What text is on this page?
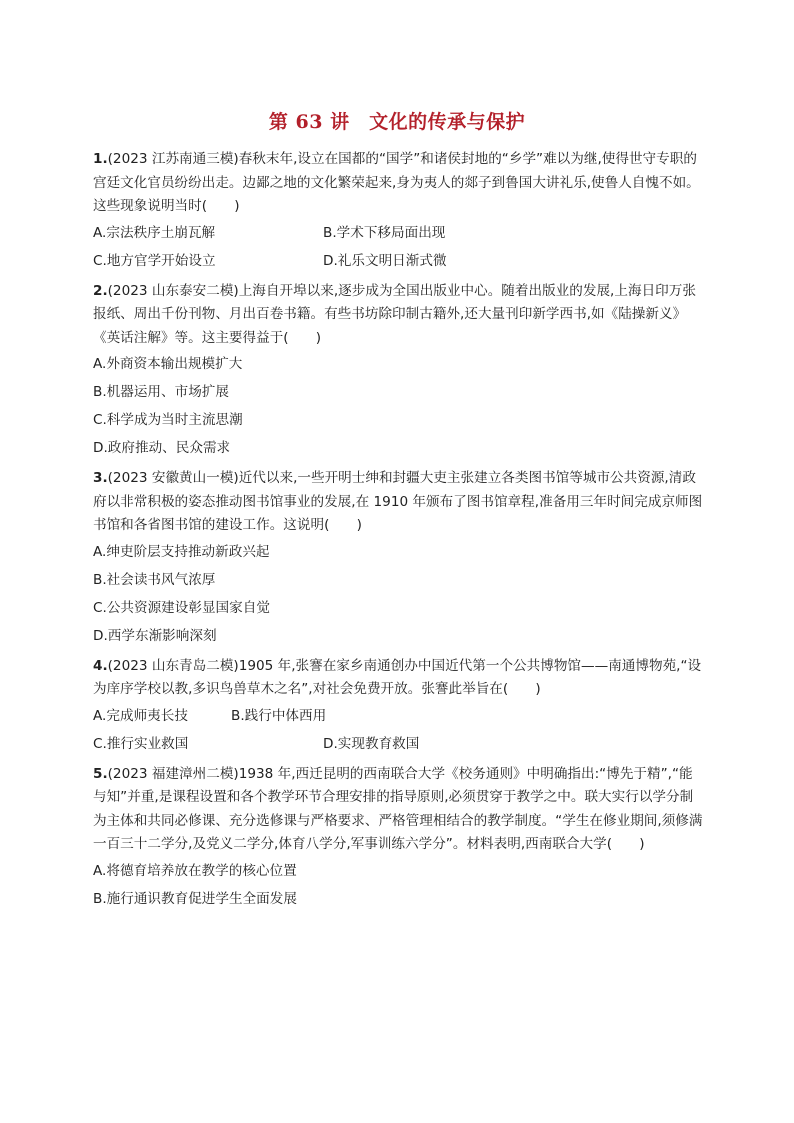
第 63 讲　文化的传承与保护

1.(2023 江苏南通三模)春秋末年,设立在国都的“国学”和诸侯封地的“乡学”难以为继,使得世守专职的宫廷文化官员纷纷出走。边鄙之地的文化繁荣起来,身为夷人的郯子到鲁国大讲礼乐,使鲁人自愧不如。这些现象说明当时(　　)

A.宗法秩序土崩瓦解	B.学术下移局面出现
C.地方官学开始设立	D.礼乐文明日渐式微

2.(2023 山东泰安二模)上海自开埠以来,逐步成为全国出版业中心。随着出版业的发展,上海日印万张报纸、周出千份刊物、月出百卷书籍。有些书坊除印制古籍外,还大量刊印新学西书,如《陆操新义》《英话注解》等。这主要得益于(　　)

A.外商资本输出规模扩大

B.机器运用、市场扩展

C.科学成为当时主流思潮

D.政府推动、民众需求

3.(2023 安徽黄山一模)近代以来,一些开明士绅和封疆大吏主张建立各类图书馆等城市公共资源,清政府以非常积极的姿态推动图书馆事业的发展,在 1910 年颁布了图书馆章程,准备用三年时间完成京师图书馆和各省图书馆的建设工作。这说明(　　)

A.绅吏阶层支持推动新政兴起

B.社会读书风气浓厚

C.公共资源建设彰显国家自觉

D.西学东渐影响深刻

4.(2023 山东青岛二模)1905 年,张謇在家乡南通创办中国近代第一个公共博物馆——南通博物苑,“设为庠序学校以教,多识鸟兽草木之名”,对社会免费开放。张謇此举旨在(　　)

A.完成师夷长技	B.践行中体西用
C.推行实业救国	D.实现教育救国

5.(2023 福建漳州二模)1938 年,西迁昆明的西南联合大学《校务通则》中明确指出:“博先于精”,“能与知”并重,是课程设置和各个教学环节合理安排的指导原则,必须贯穿于教学之中。联大实行以学分制为主体和共同必修课、充分选修课与严格要求、严格管理相结合的教学制度。“学生在修业期间,须修满一百三十二学分,及党义二学分,体育八学分,军事训练六学分”。材料表明,西南联合大学(　　)

A.将德育培养放在教学的核心位置

B.施行通识教育促进学生全面发展
